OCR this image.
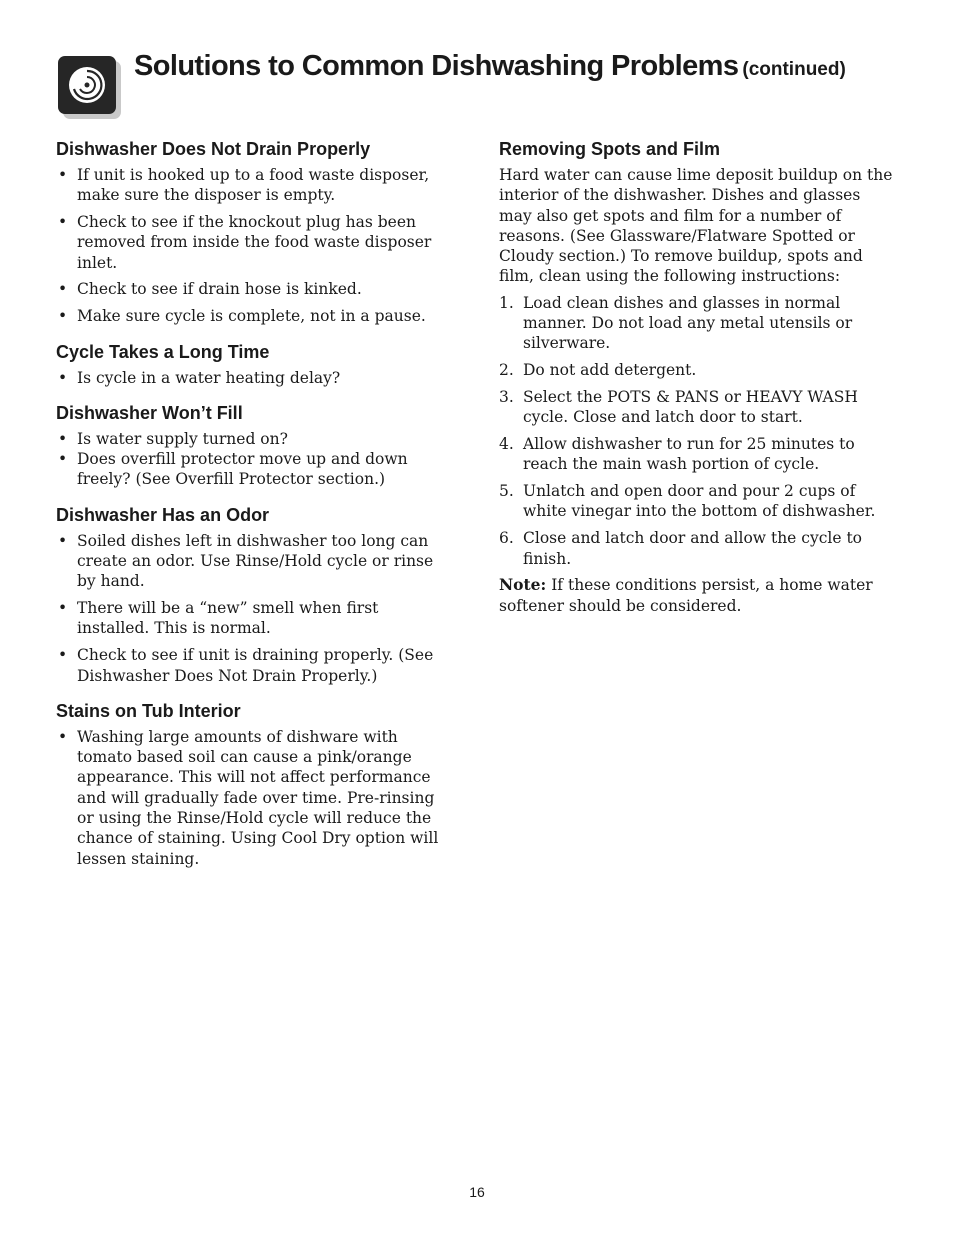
Solutions to Common Dishwashing Problems (continued)
Dishwasher Does Not Drain Properly
• If unit is hooked up to a food waste disposer, make sure the disposer is empty.
• Check to see if the knockout plug has been removed from inside the food waste disposer inlet.
• Check to see if drain hose is kinked.
• Make sure cycle is complete, not in a pause.
Cycle Takes a Long Time
• Is cycle in a water heating delay?
Dishwasher Won’t Fill
• Is water supply turned on?
• Does overfill protector move up and down freely? (See Overfill Protector section.)
Dishwasher Has an Odor
• Soiled dishes left in dishwasher too long can create an odor. Use Rinse/Hold cycle or rinse by hand.
• There will be a “new” smell when first installed. This is normal.
• Check to see if unit is draining properly. (See Dishwasher Does Not Drain Properly.)
Stains on Tub Interior
• Washing large amounts of dishware with tomato based soil can cause a pink/orange appearance. This will not affect performance and will gradually fade over time. Pre-rinsing or using the Rinse/Hold cycle will reduce the chance of staining. Using Cool Dry option will lessen staining.
Removing Spots and Film

Hard water can cause lime deposit buildup on the interior of the dishwasher. Dishes and glasses may also get spots and film for a number of reasons. (See Glassware/Flatware Spotted or Cloudy section.) To remove buildup, spots and film, clean using the following instructions:

1. Load clean dishes and glasses in normal manner. Do not load any metal utensils or silverware.
2. Do not add detergent.
3. Select the POTS & PANS or HEAVY WASH cycle. Close and latch door to start.
4. Allow dishwasher to run for 25 minutes to reach the main wash portion of cycle.
5. Unlatch and open door and pour 2 cups of white vinegar into the bottom of dishwasher.
6. Close and latch door and allow the cycle to finish.

Note: If these conditions persist, a home water softener should be considered.

16
